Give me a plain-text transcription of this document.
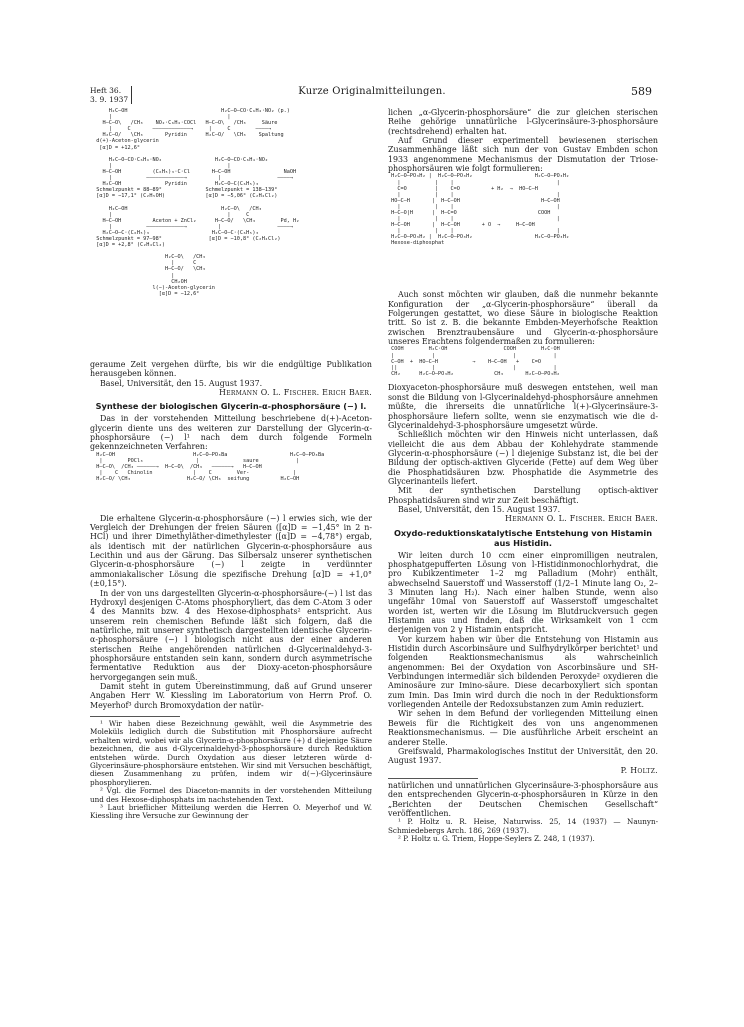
Heft 36.
3. 9. 1937
Kurze Originalmitteilungen.	589
H₂C—OH                              H₂C—O—CO·C₆H₄·NO₂ (p.)
|                                     |
H—C—O\   /CH₃    NO₂·C₆H₄·COCl   H—C—O\   /CH₃     Säure
|     C       ————————————→     |     C        ————→
H₂C—O/   \CH₃       Pyridin      H₂C—O/   \CH₃    Spaltung
d(+)-Aceton-glycerin
[α]D = +12,6°

H₂C—O—CO·C₆H₄·NO₂                 H₂C—O—CO·C₆H₄·NO₂
|                                     |
H—C—OH          (C₆H₅)₃·C·Cl       H—C—OH                 NaOH
|           ————————————→          |                  ————→
H₂C—OH              Pyridin         H₂C—O—C(C₆H₅)₃
Schmelzpunkt = 88–89°              Schmelzpunkt = 138–139°
[α]D = −17,1° (C₂H₅OH)             [α]D = −5,06° (C₂H₄Cl₂)

H₂C—OH                              H₂C—O\   /CH₃
|                                     |     C
H—C—OH          Aceton + ZnCl₂      H—C—O/   \CH₃        Pd, H₂
|           ————————————→          |                  ————→
H₂C—O—C·(C₆H₅)₃                    H₂C—O—C·(C₆H₅)₃
Schmelzpunkt = 97–98°               [α]D = −10,8° (C₂H₄Cl₂)
[α]D = +2,8° (C₂H₄Cl₂)

H₂C—O\   /CH₃
|      C
H—C—O/   \CH₃
|
CH₂OH
l(−)-Aceton-glycerin
[α]D = −12,6°

geraume Zeit vergehen dürfte, bis wir die endgültige Publikation herausgeben können.

Basel, Universität, den 15. August 1937.

Hermann O. L. Fischer. Erich Baer.

Synthese der biologischen Glycerin-α-phosphorsäure (−) l.

Das in der vorstehenden Mitteilung beschriebene d(+)-Aceton-glycerin diente uns des weiteren zur Darstellung der Glycerin-α-phosphorsäure (−) l¹ nach dem durch folgende Formeln gekennzeichneten Verfahren:

H₂C—OH                         H₂C—O—PO₃Ba                    H₂C—O—PO₃Ba
|        POCl₃                 |              saure            |
H—C—O\  /CH₃ ——————→  H—C—O\  /CH₃   ——————→   H—C—OH
|    C   Chinolin             |    C        Ver-              |
H₂C—O/ \CH₃                  H₂C—O/ \CH₃  seifung          H₂C—OH

Die erhaltene Glycerin-α-phosphorsäure (−) l erwies sich, wie der Vergleich der Drehungen der freien Säuren ([α]D = −1,45° in 2 n-HCl) und ihrer Dimethyläther-dimethylester ([α]D = −4,78°) ergab, als identisch mit der natürlichen Glycerin-α-phosphorsäure aus Lecithin und aus der Gärung. Das Silbersalz unserer synthetischen Glycerin-α-phosphorsäure (−) l zeigte in verdünnter ammoniakalischer Lösung die spezifische Drehung [α]D = +1,0° (±0,15°).

In der von uns dargestellten Glycerin-α-phosphorsäure-(−) l ist das Hydroxyl desjenigen C-Atoms phosphoryliert, das dem C-Atom 3 oder 4 des Mannits bzw. 4 des Hexose-diphosphats² entspricht. Aus unserem rein chemischen Befunde läßt sich folgern, daß die natürliche, mit unserer synthetisch dargestellten identische Glycerin-α-phosphorsäure (−) l biologisch nicht aus der einer anderen sterischen Reihe angehörenden natürlichen d-Glycerinaldehyd-3-phosphorsäure entstanden sein kann, sondern durch asymmetrische fermentative Reduktion aus der Dioxy-aceton-phosphorsäure hervorgegangen sein muß.

Damit steht in gutem Übereinstimmung, daß auf Grund unserer Angaben Herr W. Kiessling im Laboratorium von Herrn Prof. O. Meyerhof³ durch Bromoxydation der natür-

¹ Wir haben diese Bezeichnung gewählt, weil die Asymmetrie des Moleküls lediglich durch die Substitution mit Phosphorsäure aufrecht erhalten wird, wobei wir als Glycerin-α-phosphorsäure (+) d diejenige Säure bezeichnen, die aus d-Glycerinaldehyd-3-phosphorsäure durch Reduktion entstehen würde. Durch Oxydation aus dieser letzteren würde d-Glycerinsäure-phosphorsäure entstehen. Wir sind mit Versuchen beschäftigt, diesen Zusammenhang zu prüfen, indem wir d(−)-Glycerinsäure phosphorylieren.

² Vgl. die Formel des Diaceton-mannits in der vorstehenden Mitteilung und des Hexose-diphosphats im nachstehenden Text.

³ Laut brieflicher Mitteilung werden die Herren O. Meyerhof und W. Kiessling ihre Versuche zur Gewinnung der

lichen „α-Glycerin-phosphorsäure“ die zur gleichen sterischen Reihe gehörige unnatürliche l-Glycerinsäure-3-phosphorsäure (rechtsdrehend) erhalten hat.

Auf Grund dieser experimentell bewiesenen sterischen Zusammenhänge läßt sich nun der von Gustav Embden schon 1933 angenommene Mechanismus der Dismutation der Triose-phosphorsäuren wie folgt formulieren:

H₂C—O—PO₃H₂ |  H₂C—O—PO₃H₂                    H₂C—O—PO₃H₂
|           |    |                                 |
C=O         |    C=O          + H₂  →  HO—C—H
|           |    |                                 |
HO—C—H       |  H—C—OH                          H—C—OH
|           |    |                                 |
H—C—O|H      |  H—C=O                          COOH
|           |    |                                 |
H—C—OH       |  H—C—OH       + O  →     H—C—OH
|           |    |                                 |
H₂C—O—PO₃H₂ |  H₂C—O—PO₃H₂                    H₂C—O—PO₃H₂
Hexose-diphosphat

Auch sonst möchten wir glauben, daß die nunmehr bekannte Konfiguration der „α-Glycerin-phosphorsäure“ überall da Folgerungen gestattet, wo diese Säure in biologische Reaktion tritt. So ist z. B. die bekannte Embden-Meyerhofsche Reaktion zwischen Brenztraubensäure und Glycerin-α-phosphorsäure unseres Erachtens folgendermaßen zu formulieren:

COOH        H₂C·OH                  COOH        H₂C·OH
|            |                         |            |
C—OH  +  HO—C—H           →    H—C—OH   +    C=O
||           |                         |            |
CH₂      H₂C—O—PO₃H₂             CH₃       H₂C—O—PO₃H₂

Dioxyaceton-phosphorsäure muß deswegen entstehen, weil man sonst die Bildung von l-Glycerinaldehyd-phosphorsäure annehmen müßte, die ihrerseits die unnatürliche l(+)-Glycerinsäure-3-phosphorsäure liefern sollte, wenn sie enzymatisch wie die d-Glycerinaldehyd-3-phosphorsäure umgesetzt würde.

Schließlich möchten wir den Hinweis nicht unterlassen, daß vielleicht die aus dem Abbau der Kohlehydrate stammende Glycerin-α-phosphorsäure (−) l diejenige Substanz ist, die bei der Bildung der optisch-aktiven Glyceride (Fette) auf dem Weg über die Phosphatidsäuren bzw. Phosphatide die Asymmetrie des Glycerinanteils liefert.

Mit der synthetischen Darstellung optisch-aktiver Phosphatidsäuren sind wir zur Zeit beschäftigt.

Basel, Universität, den 15. August 1937.

Hermann O. L. Fischer. Erich Baer.

Oxydo-reduktionskatalytische Entstehung von Histamin aus Histidin.

Wir leiten durch 10 ccm einer einpromilligen neutralen, phosphatgepufferten Lösung von l-Histidinmonochlorhydrat, die pro Kubikzentimeter 1–2 mg Palladium (Mohr) enthält, abwechselnd Sauerstoff und Wasserstoff (1/2–1 Minute lang O₂, 2–3 Minuten lang H₂). Nach einer halben Stunde, wenn also ungefähr 10mal von Sauerstoff auf Wasserstoff umgeschaltet worden ist, werten wir die Lösung im Blutdruckversuch gegen Histamin aus und finden, daß die Wirksamkeit von 1 ccm derjenigen von 2 γ Histamin entspricht.

Vor kurzem haben wir über die Entstehung von Histamin aus Histidin durch Ascorbinsäure und Sulfhydrylkörper berichtet¹ und folgenden Reaktionsmechanismus als wahrscheinlich angenommen: Bei der Oxydation von Ascorbinsäure und SH-Verbindungen intermediär sich bildenden Peroxyde² oxydieren die Aminosäure zur Imino-säure. Diese decarboxyliert sich spontan zum Imin. Das Imin wird durch die noch in der Reduktionsform vorliegenden Anteile der Redoxsubstanzen zum Amin reduziert.

Wir sehen in dem Befund der vorliegenden Mitteilung einen Beweis für die Richtigkeit des von uns angenommenen Reaktionsmechanismus. — Die ausführliche Arbeit erscheint an anderer Stelle.

Greifswald, Pharmakologisches Institut der Universität, den 20. August 1937.

P. Holtz.

natürlichen und unnatürlichen Glycerinsäure-3-phosphorsäure aus den entsprechenden Glycerin-α-phosphorsäuren in Kürze in den „Berichten der Deutschen Chemischen Gesellschaft“ veröffentlichen.

¹ P. Holtz u. R. Heise, Naturwiss. 25, 14 (1937) — Naunyn-Schmiedebergs Arch. 186, 269 (1937).

² P. Holtz u. G. Triem, Hoppe-Seylers Z. 248, 1 (1937).
